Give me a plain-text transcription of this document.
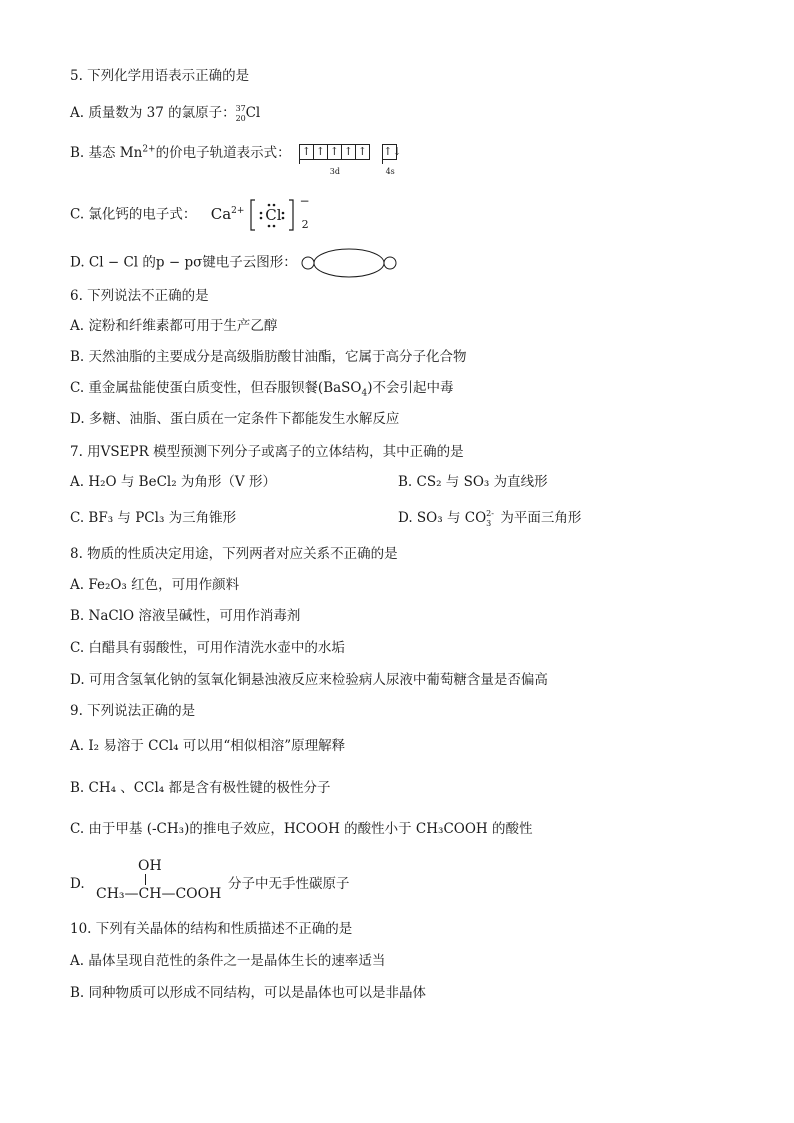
5. 下列化学用语表示正确的是
A. 质量数为 37 的氯原子： 37
20 Cl
B. 基态 $Mn^{2+}$的价电子轨道表示式： ↑ ↑ ↑ ↑ ↑
3d
↑↓
4s
C. 氯化钙的电子式： $Ca^{2+}$ $Cl-_2$
D. Cl − Cl 的p − pσ键电子云图形：
6. 下列说法不正确的是
A. 淀粉和纤维素都可用于生产乙醇
B. 天然油脂的主要成分是高级脂肪酸甘油酯，它属于高分子化合物
C. 重金属盐能使蛋白质变性，但吞服钡餐(BaSO$_4$)不会引起中毒
D. 多糖、油脂、蛋白质在一定条件下都能发生水解反应
7. 用VSEPR 模型预测下列分子或离子的立体结构，其中正确的是
A. H₂O 与 BeCl₂ 为角形（V 形）	B. CS₂ 与 SO₃ 为直线形
C. BF₃ 与 PCl₃ 为三角锥形	D. SO₃ 与 CO 2-
3 为平面三角形
8. 物质的性质决定用途，下列两者对应关系不正确的是
A. Fe₂O₃ 红色，可用作颜料
B. NaClO 溶液呈碱性，可用作消毒剂
C. 白醋具有弱酸性，可用作清洗水壶中的水垢
D. 可用含氢氧化钠的氢氧化铜悬浊液反应来检验病人尿液中葡萄糖含量是否偏高
9. 下列说法正确的是
A. I₂ 易溶于 CCl₄ 可以用“相似相溶”原理解释
B. CH₄ 、CCl₄ 都是含有极性键的极性分子
C. 由于甲基 (-CH₃)的推电子效应，HCOOH 的酸性小于 CH₃COOH 的酸性
D.
OH
CH₃—CH—COOH
分子中无手性碳原子
10. 下列有关晶体的结构和性质描述不正确的是
A. 晶体呈现自范性的条件之一是晶体生长的速率适当
B. 同种物质可以形成不同结构，可以是晶体也可以是非晶体
